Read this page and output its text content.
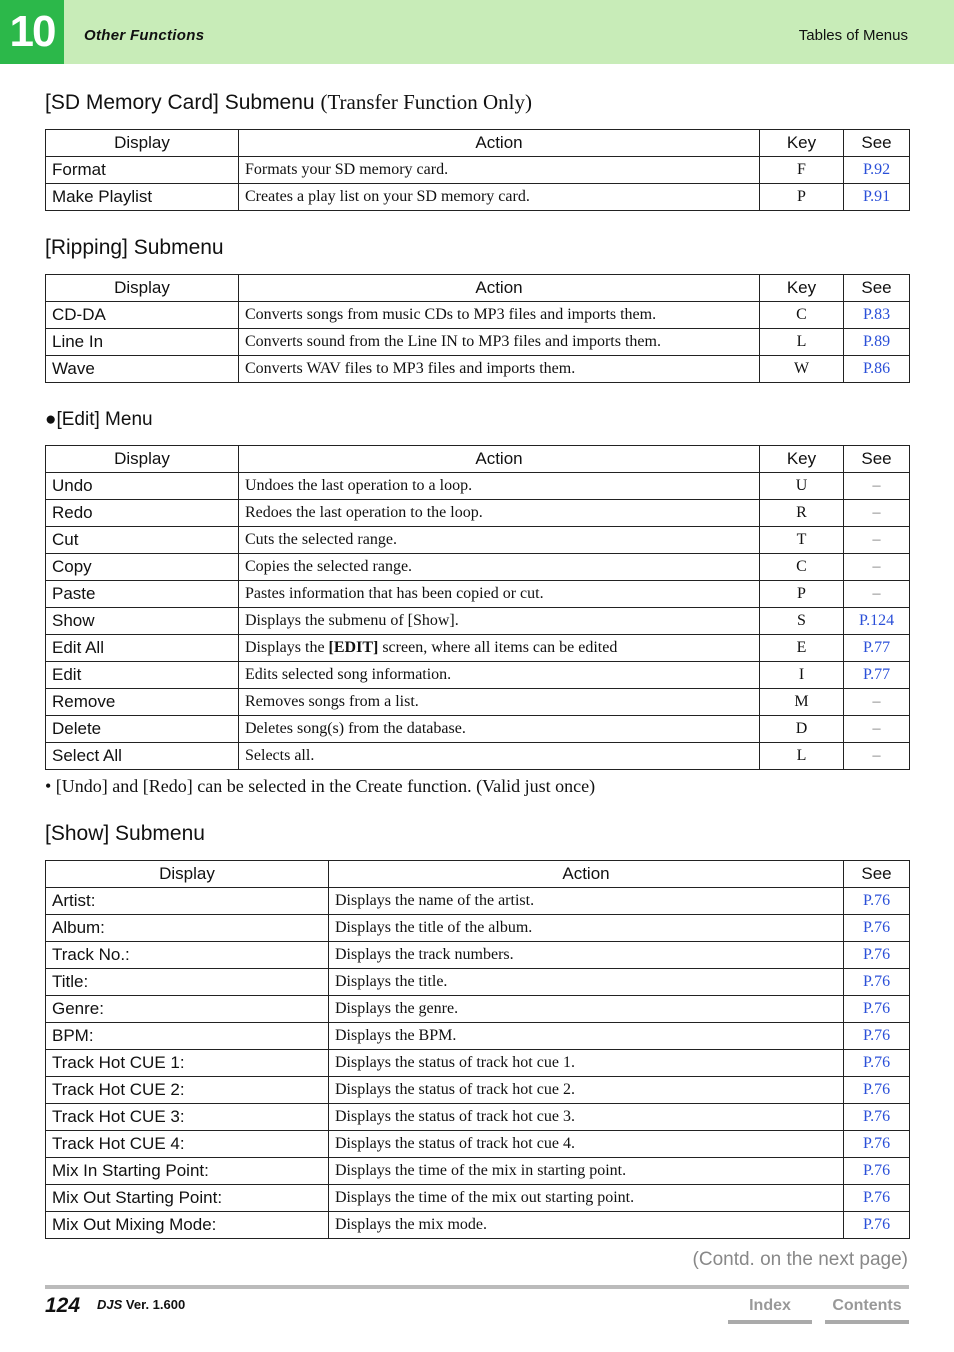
10	Other Functions	Tables of Menus
[SD Memory Card] Submenu (Transfer Function Only)
Display	Action	Key	See
Format	Formats your SD memory card.	F	P.92
Make Playlist	Creates a play list on your SD memory card.	P	P.91
[Ripping] Submenu
Display	Action	Key	See
CD-DA	Converts songs from music CDs to MP3 files and imports them.	C	P.83
Line In	Converts sound from the Line IN to MP3 files and imports them.	L	P.89
Wave	Converts WAV files to MP3 files and imports them.	W	P.86
●[Edit] Menu
Display	Action	Key	See
Undo	Undoes the last operation to a loop.	U	–
Redo	Redoes the last operation to the loop.	R	–
Cut	Cuts the selected range.	T	–
Copy	Copies the selected range.	C	–
Paste	Pastes information that has been copied or cut.	P	–
Show	Displays the submenu of [Show].	S	P.124
Edit All	Displays the [EDIT] screen, where all items can be edited	E	P.77
Edit	Edits selected song information.	I	P.77
Remove	Removes songs from a list.	M	–
Delete	Deletes song(s) from the database.	D	–
Select All	Selects all.	L	–
• [Undo] and [Redo] can be selected in the Create function. (Valid just once)
[Show] Submenu
Display	Action	See
Artist:	Displays the name of the artist.	P.76
Album:	Displays the title of the album.	P.76
Track No.:	Displays the track numbers.	P.76
Title:	Displays the title.	P.76
Genre:	Displays the genre.	P.76
BPM:	Displays the BPM.	P.76
Track Hot CUE 1:	Displays the status of track hot cue 1.	P.76
Track Hot CUE 2:	Displays the status of track hot cue 2.	P.76
Track Hot CUE 3:	Displays the status of track hot cue 3.	P.76
Track Hot CUE 4:	Displays the status of track hot cue 4.	P.76
Mix In Starting Point:	Displays the time of the mix in starting point.	P.76
Mix Out Starting Point:	Displays the time of the mix out starting point.	P.76
Mix Out Mixing Mode:	Displays the mix mode.	P.76
(Contd. on the next page)
124 DJS Ver. 1.600	Index	Contents
